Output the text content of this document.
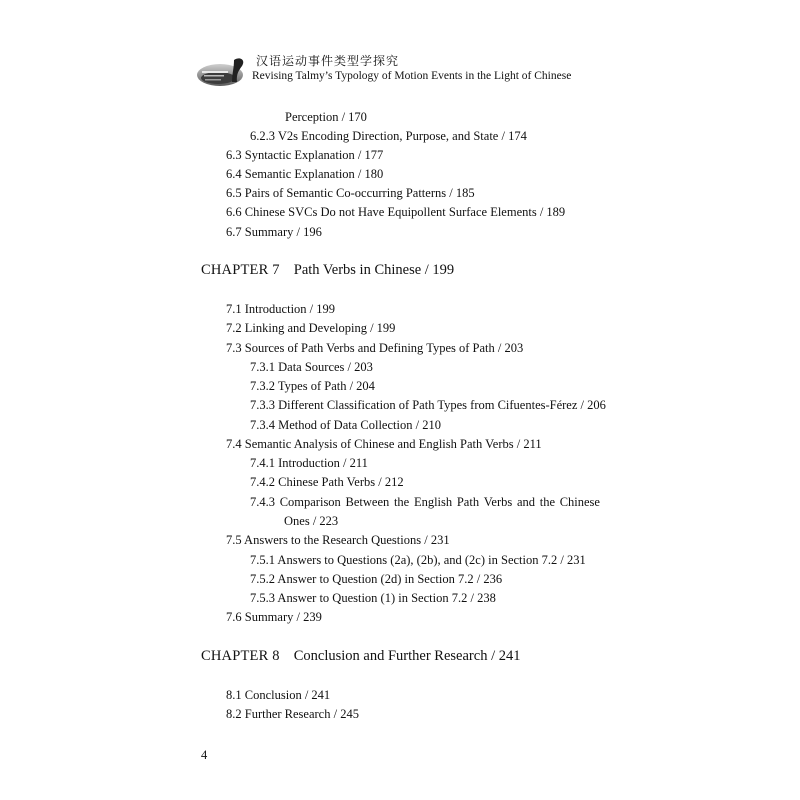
汉语运动事件类型学探究
Revising Talmy’s Typology of Motion Events in the Light of Chinese
Perception / 170
6.2.3 V2s Encoding Direction, Purpose, and State / 174
6.3 Syntactic Explanation / 177
6.4 Semantic Explanation / 180
6.5 Pairs of Semantic Co-occurring Patterns / 185
6.6 Chinese SVCs Do not Have Equipollent Surface Elements / 189
6.7 Summary / 196
CHAPTER 7 Path Verbs in Chinese / 199
7.1 Introduction / 199
7.2 Linking and Developing / 199
7.3 Sources of Path Verbs and Defining Types of Path / 203
7.3.1 Data Sources / 203
7.3.2 Types of Path / 204
7.3.3 Different Classification of Path Types from Cifuentes-Férez / 206
7.3.4 Method of Data Collection / 210
7.4 Semantic Analysis of Chinese and English Path Verbs / 211
7.4.1 Introduction / 211
7.4.2 Chinese Path Verbs / 212
7.4.3 Comparison Between the English Path Verbs and the Chinese
Ones / 223
7.5 Answers to the Research Questions / 231
7.5.1 Answers to Questions (2a), (2b), and (2c) in Section 7.2 / 231
7.5.2 Answer to Question (2d) in Section 7.2 / 236
7.5.3 Answer to Question (1) in Section 7.2 / 238
7.6 Summary / 239
CHAPTER 8 Conclusion and Further Research / 241
8.1 Conclusion / 241
8.2 Further Research / 245
4
